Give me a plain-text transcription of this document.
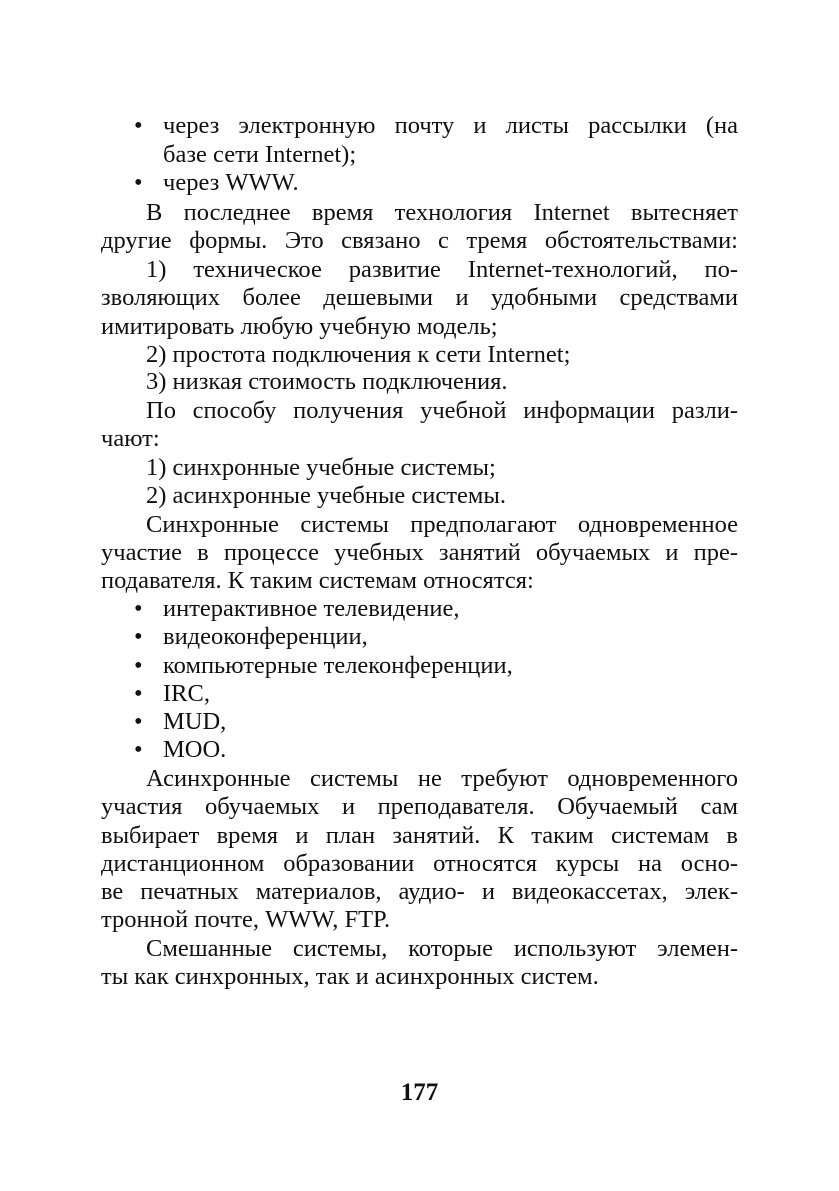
• через электронную почту и листы рассылки (на
базе сети Internet);
• через WWW.
В последнее время технология Internet вытесняет
другие формы. Это связано с тремя обстоятельствами:
1) техническое развитие Internet-технологий, по-
зволяющих более дешевыми и удобными средствами
имитировать любую учебную модель;
2) простота подключения к сети Internet;
3) низкая стоимость подключения.
По способу получения учебной информации разли-
чают:
1) синхронные учебные системы;
2) асинхронные учебные системы.
Синхронные системы предполагают одновременное
участие в процессе учебных занятий обучаемых и пре-
подавателя. К таким системам относятся:
• интерактивное телевидение,
• видеоконференции,
• компьютерные телеконференции,
• IRC,
• MUD,
• MOO.
Асинхронные системы не требуют одновременного
участия обучаемых и преподавателя. Обучаемый сам
выбирает время и план занятий. К таким системам в
дистанционном образовании относятся курсы на осно-
ве печатных материалов, аудио- и видеокассетах, элек-
тронной почте, WWW, FTP.
Смешанные системы, которые используют элемен-
ты как синхронных, так и асинхронных систем.
177
